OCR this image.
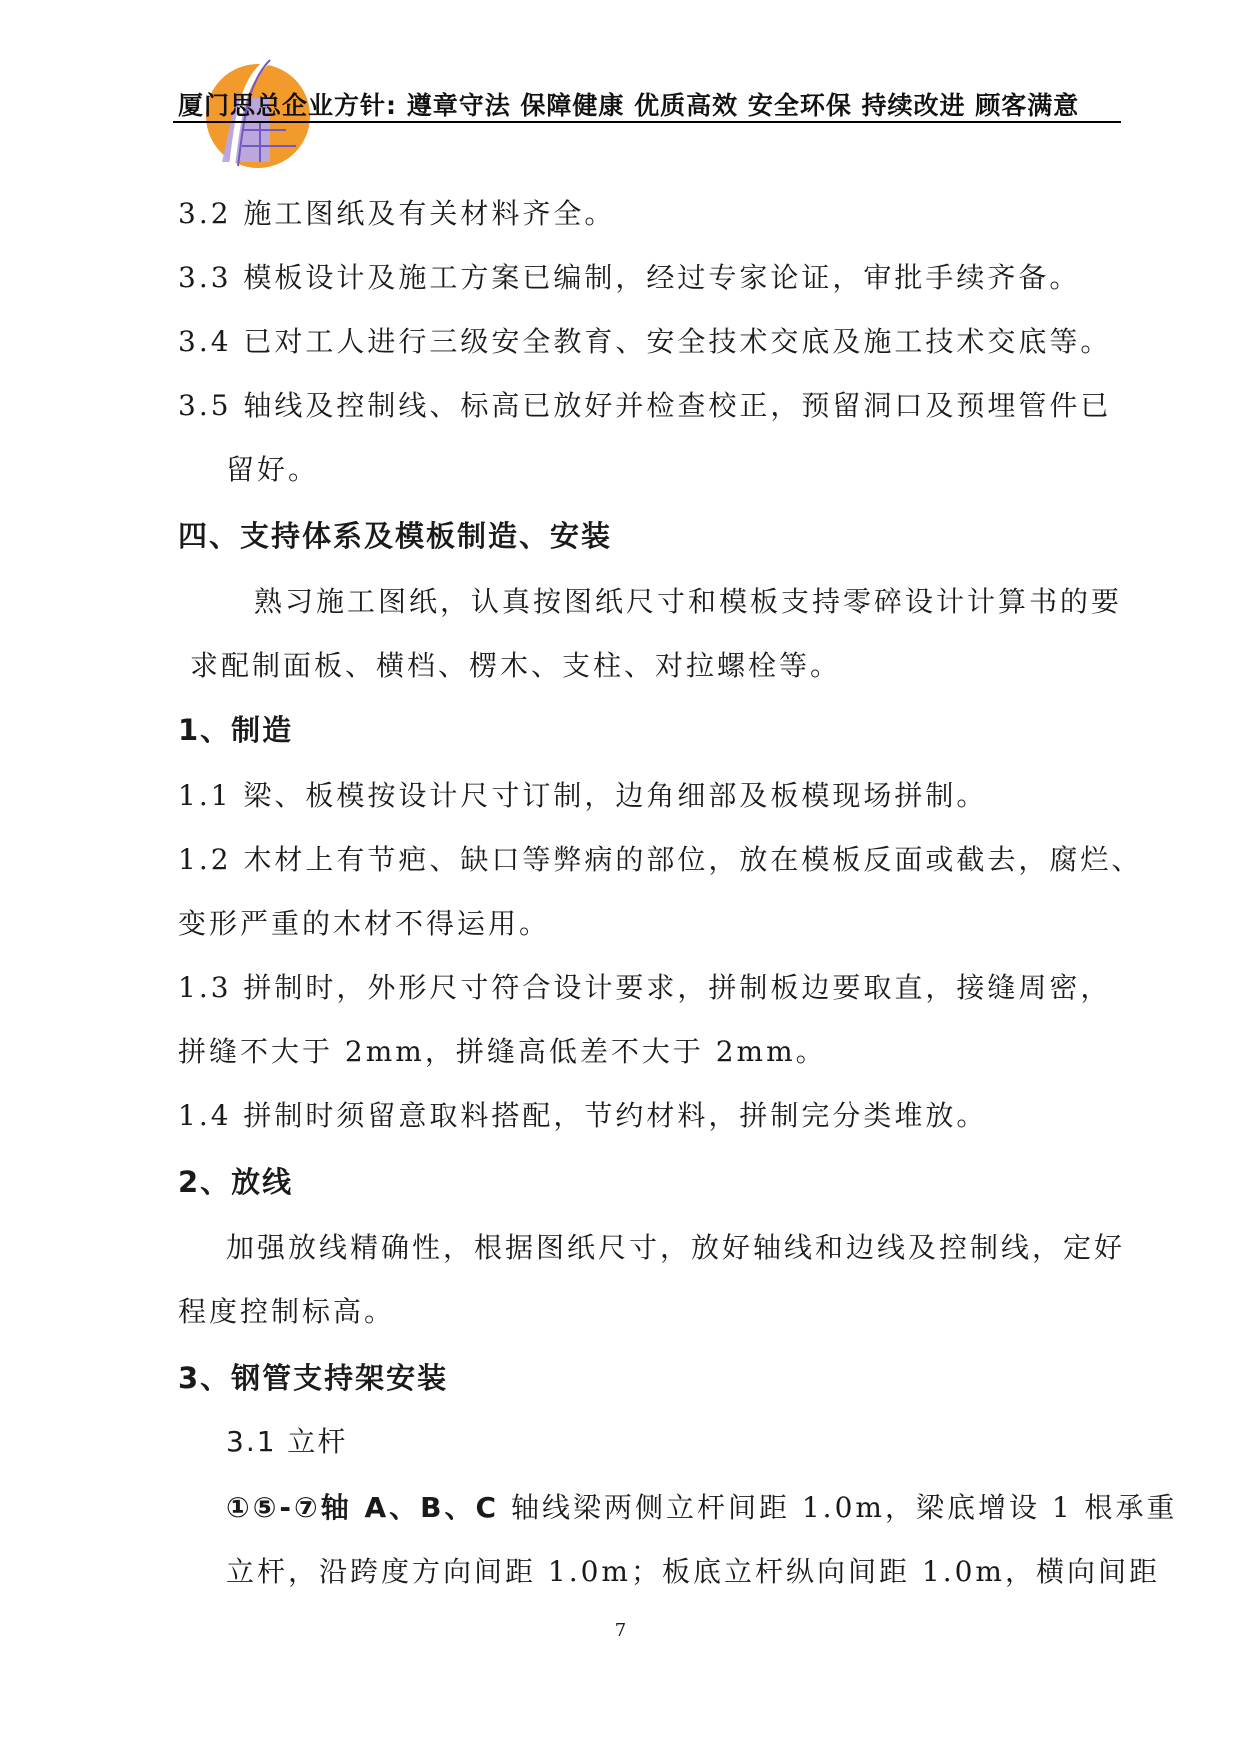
厦门思总企业方针: 遵章守法 保障健康 优质高效 安全环保 持续改进 顾客满意
3.2 施工图纸及有关材料齐全。
3.3 模板设计及施工方案已编制，经过专家论证，审批手续齐备。
3.4 已对工人进行三级安全教育、安全技术交底及施工技术交底等。
3.5 轴线及控制线、标高已放好并检查校正，预留洞口及预埋管件已
留好。
四、支持体系及模板制造、安装
熟习施工图纸，认真按图纸尺寸和模板支持零碎设计计算书的要
求配制面板、横档、楞木、支柱、对拉螺栓等。
1、制造
1.1 梁、板模按设计尺寸订制，边角细部及板模现场拼制。
1.2 木材上有节疤、缺口等弊病的部位，放在模板反面或截去，腐烂、
变形严重的木材不得运用。
1.3 拼制时，外形尺寸符合设计要求，拼制板边要取直，接缝周密，
拼缝不大于 2mm，拼缝高低差不大于 2mm。
1.4 拼制时须留意取料搭配，节约材料，拼制完分类堆放。
2、放线
加强放线精确性，根据图纸尺寸，放好轴线和边线及控制线，定好
程度控制标高。
3、钢管支持架安装
3.1 立杆
①⑤-⑦轴 A、B、C 轴线梁两侧立杆间距 1.0m，梁底增设 1 根承重
立杆，沿跨度方向间距 1.0m；板底立杆纵向间距 1.0m，横向间距
7
